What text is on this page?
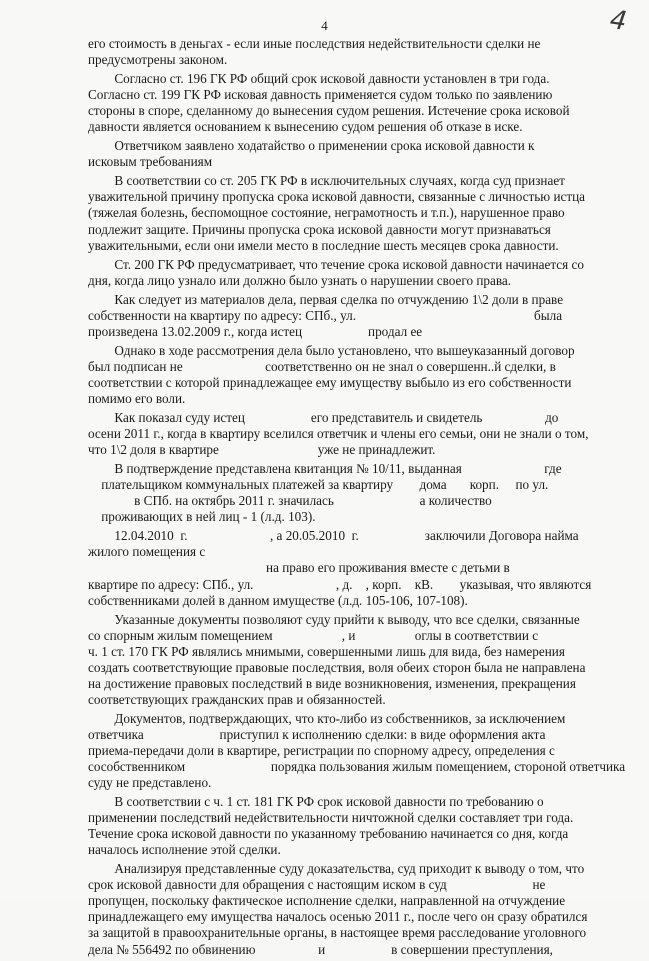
4	4
его стоимость в деньгах - если иные последствия недействительности сделки не
предусмотрены законом.
Согласно ст. 196 ГК РФ общий срок исковой давности установлен в три года.
Согласно ст. 199 ГК РФ исковая давность применяется судом только по заявлению
стороны в споре, сделанному до вынесения судом решения. Истечение срока исковой
давности является основанием к вынесению судом решения об отказе в иске.
Ответчиком заявлено ходатайство о применении срока исковой давности к
исковым требованиям
В соответствии со ст. 205 ГК РФ в исключительных случаях, когда суд признает
уважительной причину пропуска срока исковой давности, связанные с личностью истца
(тяжелая болезнь, беспомощное состояние, неграмотность и т.п.), нарушенное право
подлежит защите. Причины пропуска срока исковой давности могут признаваться
уважительными, если они имели место в последние шесть месяцев срока давности.
Ст. 200 ГК РФ предусматривает, что течение срока исковой давности начинается со
дня, когда лицо узнало или должно было узнать о нарушении своего права.
Как следует из материалов дела, первая сделка по отчуждению 1\2 доли в праве
собственности на квартиру по адресу: СПб., ул.                                                      была
произведена 13.02.2009 г., когда истец                    продал ее
Однако в ходе рассмотрения дела было установлено, что вышеуказанный договор
был подписан не                         соответственно он не знал о совершенн..й сделки, в
соответствии с которой принадлежащее ему имуществу выбыло из его собственности
помимо его воли.
Как показал суду истец                    его представитель и свидетель                   до
осени 2011 г., когда в квартиру вселился ответчик и члены его семьи, они не знали о том,
что 1\2 доля в квартире                              уже не принадлежит.
В подтверждение представлена квитанция № 10/11, выданная                         где
плательщиком коммунальных платежей за квартиру        дома       корп.     по ул.
в СПб. на октябрь 2011 г. значилась                          а количество
проживающих в ней лиц - 1 (л.д. 103).
12.04.2010  г.                         , а 20.05.2010  г.                    заключили Договора найма
жилого помещения с
на право его проживания вместе с детьми в
квартире по адресу: СПб., ул.                         , д.    , корп.    кВ.        указывая, что являются
собственниками долей в данном имуществе (л.д. 105-106, 107-108).
Указанные документы позволяют суду прийти к выводу, что все сделки, связанные
со спорным жилым помещением                     , и                  оглы в соответствии с
ч. 1 ст. 170 ГК РФ являлись мнимыми, совершенными лишь для вида, без намерения
создать соответствующие правовые последствия, воля обеих сторон была не направлена
на достижение правовых последствий в виде возникновения, изменения, прекращения
соответствующих гражданских прав и обязанностей.
Документов, подтверждающих, что кто-либо из собственников, за исключением
ответчика                       приступил к исполнению сделки: в виде оформления акта
приема-передачи доли в квартире, регистрации по спорному адресу, определения с
сособственником                          порядка пользования жилым помещением, стороной ответчика
суду не представлено.
В соответствии с ч. 1 ст. 181 ГК РФ срок исковой давности по требованию о
применении последствий недействительности ничтожной сделки составляет три года.
Течение срока исковой давности по указанному требованию начинается со дня, когда
началось исполнение этой сделки.
Анализируя представленные суду доказательства, суд приходит к выводу о том, что
срок исковой давности для обращения с настоящим иском в суд                          не
пропущен, поскольку фактическое исполнение сделки, направленной на отчуждение
принадлежащего ему имущества началось осенью 2011 г., после чего он сразу обратился
за защитой в правоохранительные органы, в настоящее время расследование уголовного
дела № 556492 по обвинению                   и                    в совершении преступления,
